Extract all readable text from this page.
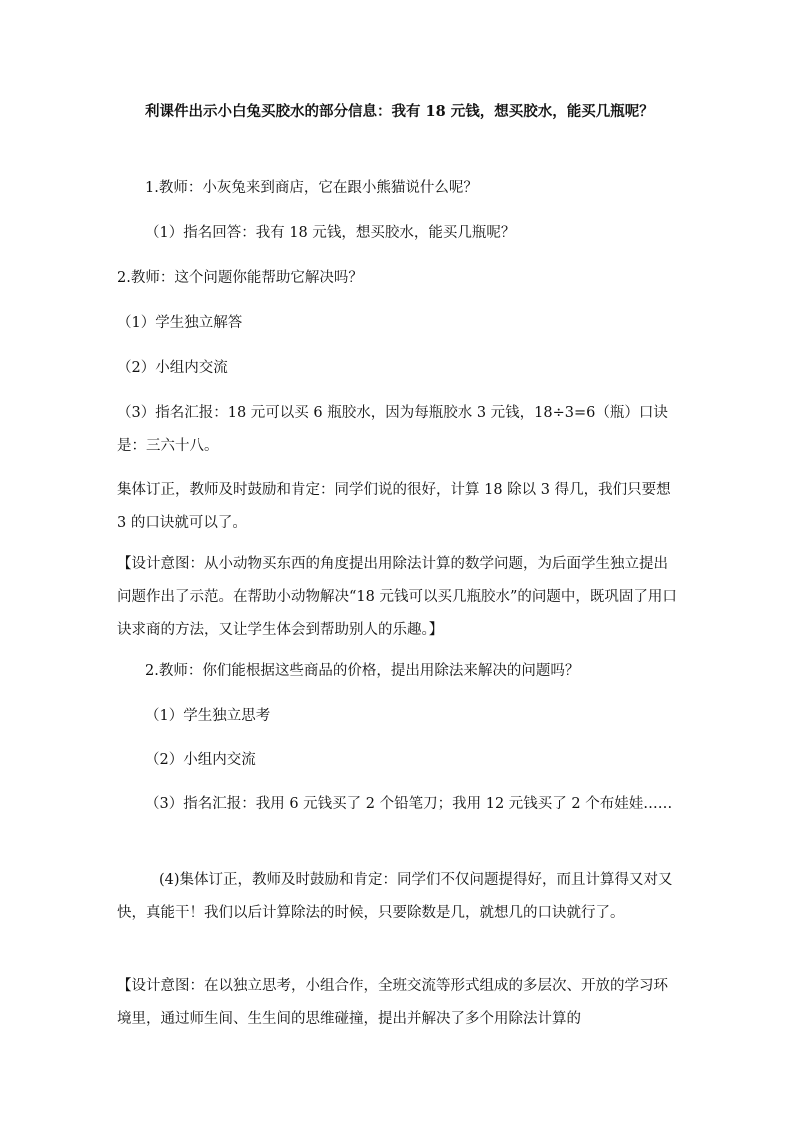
利课件出示小白兔买胶水的部分信息：我有 18 元钱，想买胶水，能买几瓶呢？

1.教师：小灰兔来到商店，它在跟小熊猫说什么呢？

（1）指名回答：我有 18 元钱，想买胶水，能买几瓶呢？

2.教师：这个问题你能帮助它解决吗？

（1）学生独立解答

（2）小组内交流

（3）指名汇报：18 元可以买 6 瓶胶水，因为每瓶胶水 3 元钱，18÷3=6（瓶）口诀是：三六十八。

集体订正，教师及时鼓励和肯定：同学们说的很好，计算 18 除以 3 得几，我们只要想 3 的口诀就可以了。

【设计意图：从小动物买东西的角度提出用除法计算的数学问题，为后面学生独立提出问题作出了示范。在帮助小动物解决“18 元钱可以买几瓶胶水”的问题中，既巩固了用口诀求商的方法，又让学生体会到帮助别人的乐趣。】

2.教师：你们能根据这些商品的价格，提出用除法来解决的问题吗？

（1）学生独立思考

（2）小组内交流

（3）指名汇报：我用 6 元钱买了 2 个铅笔刀；我用 12 元钱买了 2 个布娃娃……

(4)集体订正，教师及时鼓励和肯定：同学们不仅问题提得好，而且计算得又对又快，真能干！我们以后计算除法的时候，只要除数是几，就想几的口诀就行了。

【设计意图：在以独立思考，小组合作，全班交流等形式组成的多层次、开放的学习环境里，通过师生间、生生间的思维碰撞，提出并解决了多个用除法计算的
